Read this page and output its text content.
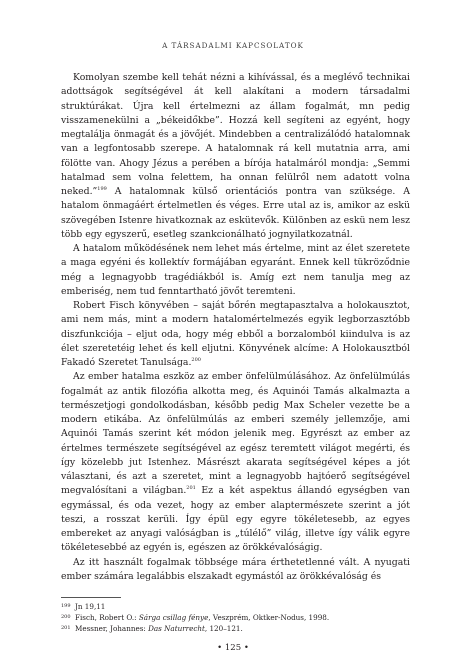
A TÁRSADALMI KAPCSOLATOK

Komolyan szembe kell tehát nézni a kihívással, és a meglévő technikai adottságok segítségével át kell alakítani a modern társadalmi struktúrákat. Újra kell értelmezni az állam fogalmát, mn pedig visszamenekülni a „békeidőkbe”. Hozzá kell segíteni az egyént, hogy megtalálja önmagát és a jövőjét. Mindebben a centralizálódó hatalomnak van a legfontosabb szerepe. A hatalomnak rá kell mutatnia arra, ami fölötte van. Ahogy Jézus a perében a bírója hatalmáról mondja: „Semmi hatalmad sem volna felettem, ha onnan felülről nem adatott volna neked.”$^{199}$ A hatalomnak külső orientációs pontra van szüksége. A hatalom önmagáért értelmetlen és véges. Erre utal az is, amikor az eskü szövegében Istenre hivatkoznak az eskütevők. Különben az eskü nem lesz több egy egyszerű, esetleg szankcionálható jognyilatkozatnál.

A hatalom működésének nem lehet más értelme, mint az élet szeretete a maga egyéni és kollektív formájában egyaránt. Ennek kell tükröződnie még a legnagyobb tragédiákból is. Amíg ezt nem tanulja meg az emberiség, nem tud fenntartható jövőt teremteni.

Robert Fisch könyvében – saját bőrén megtapasztalva a holokausztot, ami nem más, mint a modern hatalomértelmezés egyik legborzasztóbb diszfunkciója – eljut oda, hogy még ebből a borzalomból kiindulva is az élet szeretetéig lehet és kell eljutni. Könyvének alcíme: A Holokausztból Fakadó Szeretet Tanulsága.$^{200}$

Az ember hatalma eszköz az ember önfelülmúlásához. Az önfelülmúlás fogalmát az antik filozófia alkotta meg, és Aquinói Tamás alkalmazta a természetjogi gondolkodásban, később pedig Max Scheler vezette be a modern etikába. Az önfelülmúlás az emberi személy jellemzője, ami Aquinói Tamás szerint két módon jelenik meg. Egyrészt az ember az értelmes természete segítségével az egész teremtett világot megérti, és így közelebb jut Istenhez. Másrészt akarata segítségével képes a jót választani, és azt a szeretet, mint a legnagyobb hajtóerő segítségével megvalósítani a világban.$^{201}$ Ez a két aspektus állandó egységben van egymással, és oda vezet, hogy az ember alaptermészete szerint a jót teszi, a rosszat kerüli. Így épül egy egyre tökéletesebb, az egyes embereket az anyagi valóságban is „túlélő” világ, illetve így válik egyre tökéletesebbé az egyén is, egészen az örökkévalóságig.

Az itt használt fogalmak többsége mára érthetetlenné vált. A nyugati ember számára legalábbis elszakadt egymástól az örökkévalóság és

199 Jn 19,11
200 Fisch, Robert O.: Sárga csillag fénye, Veszprém, Oktker-Nodus, 1998.
201 Messner, Johannes: Das Naturrecht, 120–121.
• 125 •
